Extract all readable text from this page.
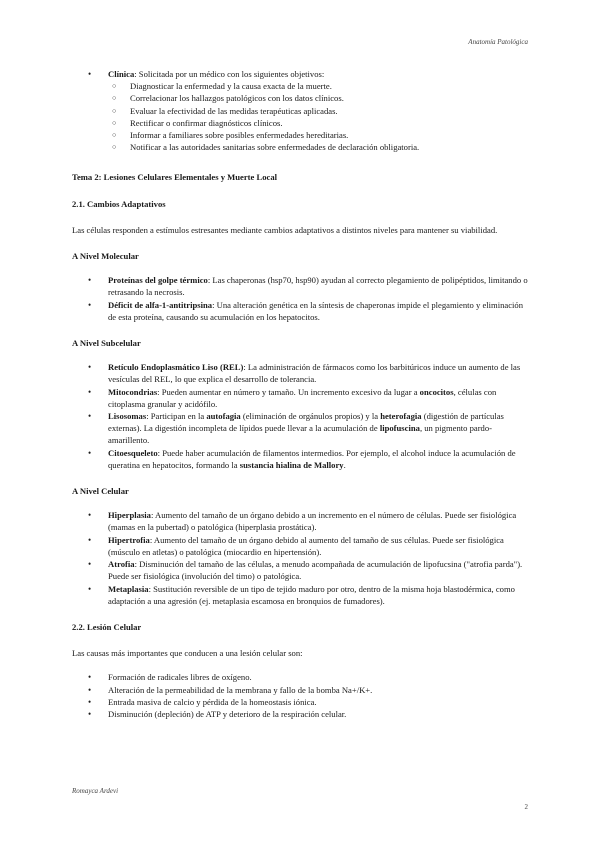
Anatomía Patológica
• Clínica: Solicitada por un médico con los siguientes objetivos:
○ Diagnosticar la enfermedad y la causa exacta de la muerte.
○ Correlacionar los hallazgos patológicos con los datos clínicos.
○ Evaluar la efectividad de las medidas terapéuticas aplicadas.
○ Rectificar o confirmar diagnósticos clínicos.
○ Informar a familiares sobre posibles enfermedades hereditarias.
○ Notificar a las autoridades sanitarias sobre enfermedades de declaración obligatoria.

Tema 2: Lesiones Celulares Elementales y Muerte Local

2.1. Cambios Adaptativos

Las células responden a estímulos estresantes mediante cambios adaptativos a distintos niveles para mantener su viabilidad.

A Nivel Molecular

• Proteínas del golpe térmico: Las chaperonas (hsp70, hsp90) ayudan al correcto plegamiento de polipéptidos, limitando o retrasando la necrosis.
• Déficit de alfa-1-antitripsina: Una alteración genética en la síntesis de chaperonas impide el plegamiento y eliminación de esta proteína, causando su acumulación en los hepatocitos.

A Nivel Subcelular

• Retículo Endoplasmático Liso (REL): La administración de fármacos como los barbitúricos induce un aumento de las vesículas del REL, lo que explica el desarrollo de tolerancia.
• Mitocondrias: Pueden aumentar en número y tamaño. Un incremento excesivo da lugar a oncocitos, células con citoplasma granular y acidófilo.
• Lisosomas: Participan en la autofagia (eliminación de orgánulos propios) y la heterofagia (digestión de partículas externas). La digestión incompleta de lípidos puede llevar a la acumulación de lipofuscina, un pigmento pardo-amarillento.
• Citoesqueleto: Puede haber acumulación de filamentos intermedios. Por ejemplo, el alcohol induce la acumulación de queratina en hepatocitos, formando la sustancia hialina de Mallory.

A Nivel Celular

• Hiperplasia: Aumento del tamaño de un órgano debido a un incremento en el número de células. Puede ser fisiológica (mamas en la pubertad) o patológica (hiperplasia prostática).
• Hipertrofia: Aumento del tamaño de un órgano debido al aumento del tamaño de sus células. Puede ser fisiológica (músculo en atletas) o patológica (miocardio en hipertensión).
• Atrofia: Disminución del tamaño de las células, a menudo acompañada de acumulación de lipofucsina ("atrofia parda"). Puede ser fisiológica (involución del timo) o patológica.
• Metaplasia: Sustitución reversible de un tipo de tejido maduro por otro, dentro de la misma hoja blastodérmica, como adaptación a una agresión (ej. metaplasia escamosa en bronquios de fumadores).

2.2. Lesión Celular

Las causas más importantes que conducen a una lesión celular son:

• Formación de radicales libres de oxígeno.
• Alteración de la permeabilidad de la membrana y fallo de la bomba Na+/K+.
• Entrada masiva de calcio y pérdida de la homeostasis iónica.
• Disminución (depleción) de ATP y deterioro de la respiración celular.
Romayca Ardevi
2
